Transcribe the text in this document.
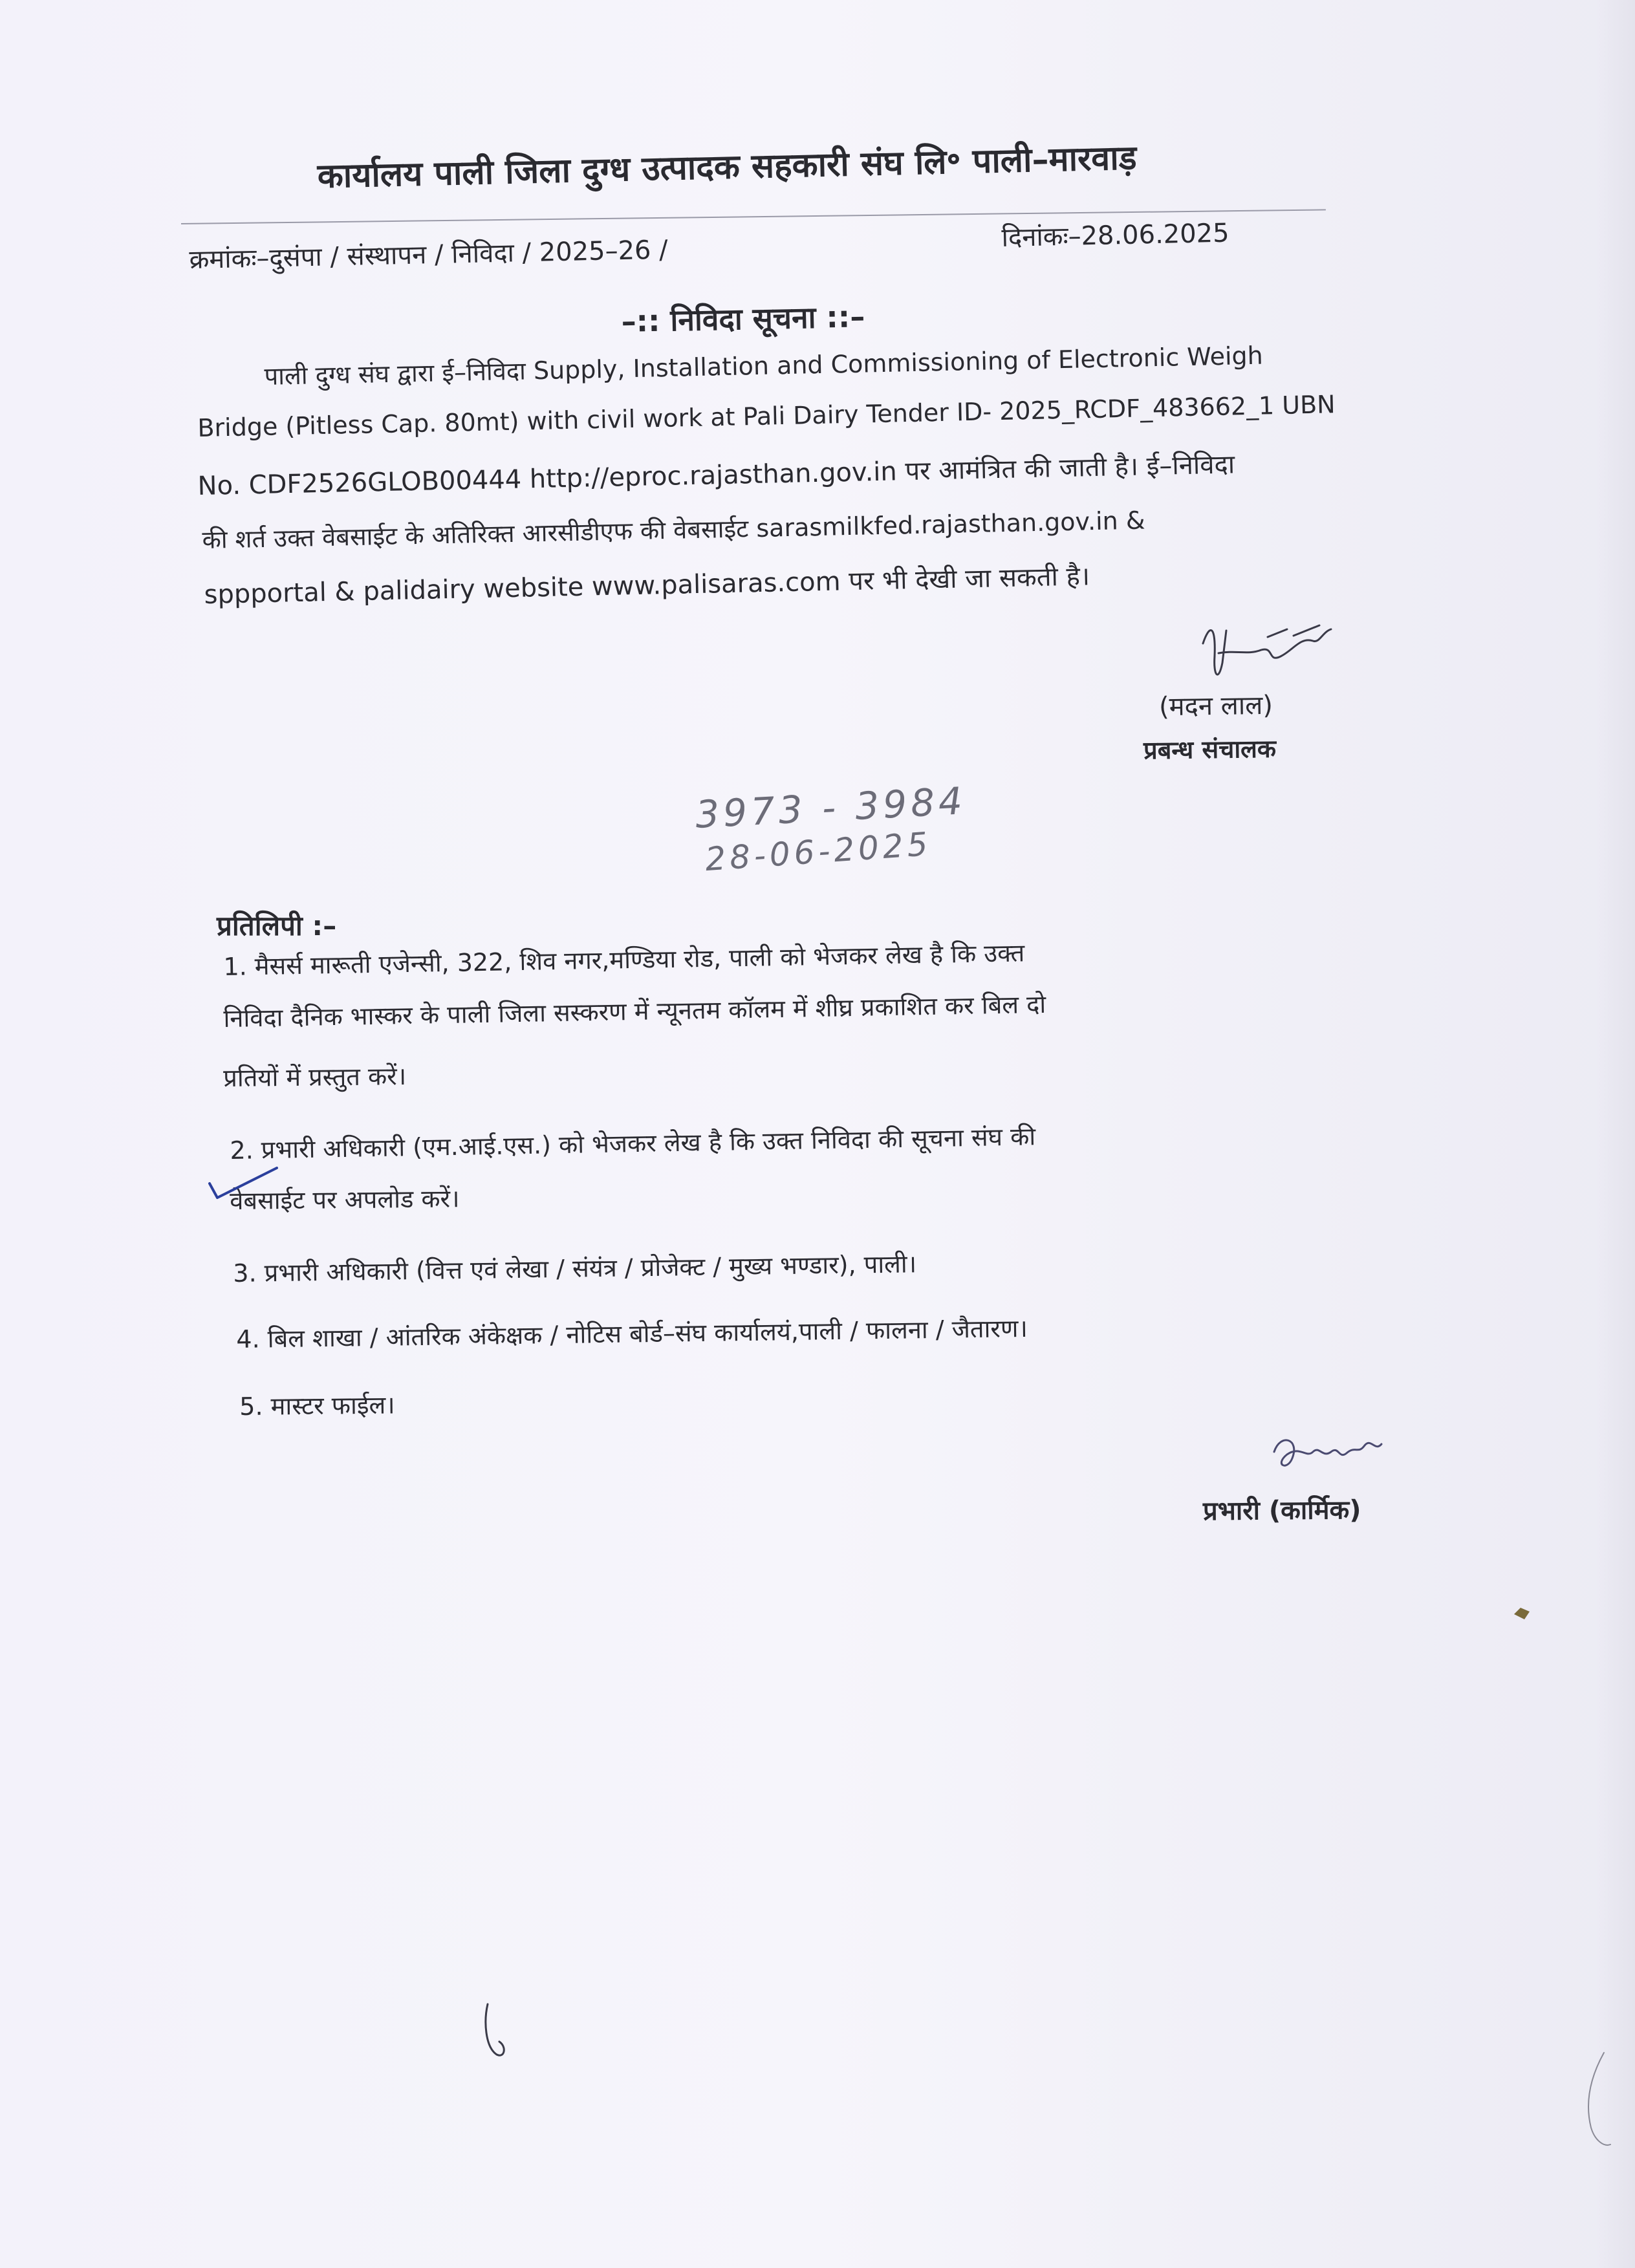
कार्यालय पाली जिला दुग्ध उत्पादक सहकारी संघ लि॰ पाली–मारवाड़
क्रमांकः–दुसंपा / संस्थापन / निविदा / 2025–26 /	दिनांकः–28.06.2025
–:: निविदा सूचना ::–
पाली दुग्ध संघ द्वारा ई–निविदा Supply, Installation and Commissioning of Electronic Weigh
Bridge (Pitless Cap. 80mt) with civil work at Pali Dairy Tender ID- 2025_RCDF_483662_1 UBN
No. CDF2526GLOB00444 http://eproc.rajasthan.gov.in पर आमंत्रित की जाती है। ई–निविदा
की शर्त उक्त वेबसाईट के अतिरिक्त आरसीडीएफ की वेबसाईट sarasmilkfed.rajasthan.gov.in &
sppportal & palidairy website www.palisaras.com पर भी देखी जा सकती है।
(मदन लाल)
प्रबन्ध संचालक
3973 - 3984
28-06-2025
प्रतिलिपी :–
1. मैसर्स मारूती एजेन्सी, 322, शिव नगर,मण्डिया रोड, पाली को भेजकर लेख है कि उक्त
निविदा दैनिक भास्कर के पाली जिला सस्करण में न्यूनतम कॉलम में शीघ्र प्रकाशित कर बिल दो
प्रतियों में प्रस्तुत करें।
2. प्रभारी अधिकारी (एम.आई.एस.) को भेजकर लेख है कि उक्त निविदा की सूचना संघ की
वेबसाईट पर अपलोड करें।
3. प्रभारी अधिकारी (वित्त एवं लेखा / संयंत्र / प्रोजेक्ट / मुख्य भण्डार), पाली।
4. बिल शाखा / आंतरिक अंकेक्षक / नोटिस बोर्ड–संघ कार्यालयं,पाली / फालना / जैतारण।
5. मास्टर फाईल।
प्रभारी (कार्मिक)
